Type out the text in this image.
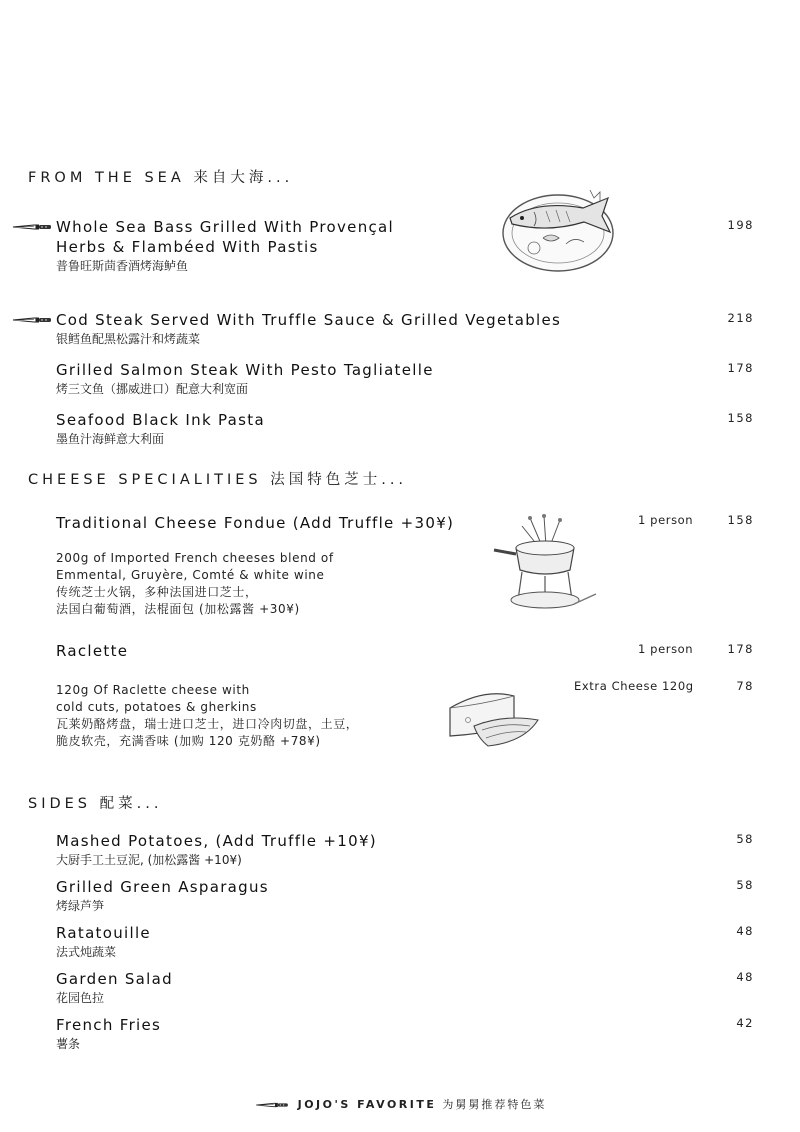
FROM THE SEA 来自大海...
Whole Sea Bass Grilled With Provençal
Herbs & Flambéed With Pastis
普鲁旺斯茴香酒烤海鲈鱼
198
Cod Steak Served With Truffle Sauce & Grilled Vegetables
银鳕鱼配黑松露汁和烤蔬菜
218
Grilled Salmon Steak With Pesto Tagliatelle
烤三文鱼（挪威进口）配意大利宽面
178
Seafood Black Ink Pasta
墨鱼汁海鲜意大利面
158
CHEESE SPECIALITIES 法国特色芝士...
Traditional Cheese Fondue (Add Truffle +30¥)	1 person	158
200g of Imported French cheeses blend of
Emmental, Gruyère, Comté & white wine
传统芝士火锅，多种法国进口芝士，
法国白葡萄酒，法棍面包 (加松露酱 +30¥)
Raclette	1 person	178
Extra Cheese 120g	78
120g Of Raclette cheese with
cold cuts, potatoes & gherkins
瓦莱奶酪烤盘，瑞士进口芝士，进口冷肉切盘，土豆，
脆皮软壳，充满香味 (加购 120 克奶酪 +78¥)
SIDES 配菜...
Mashed Potatoes, (Add Truffle +10¥)
大厨手工土豆泥, (加松露酱 +10¥)
58
Grilled Green Asparagus
烤绿芦笋
58
Ratatouille
法式炖蔬菜
48
Garden Salad
花园色拉
48
French Fries
薯条
42
JOJO'S FAVORITE 为舅舅推荐特色菜
